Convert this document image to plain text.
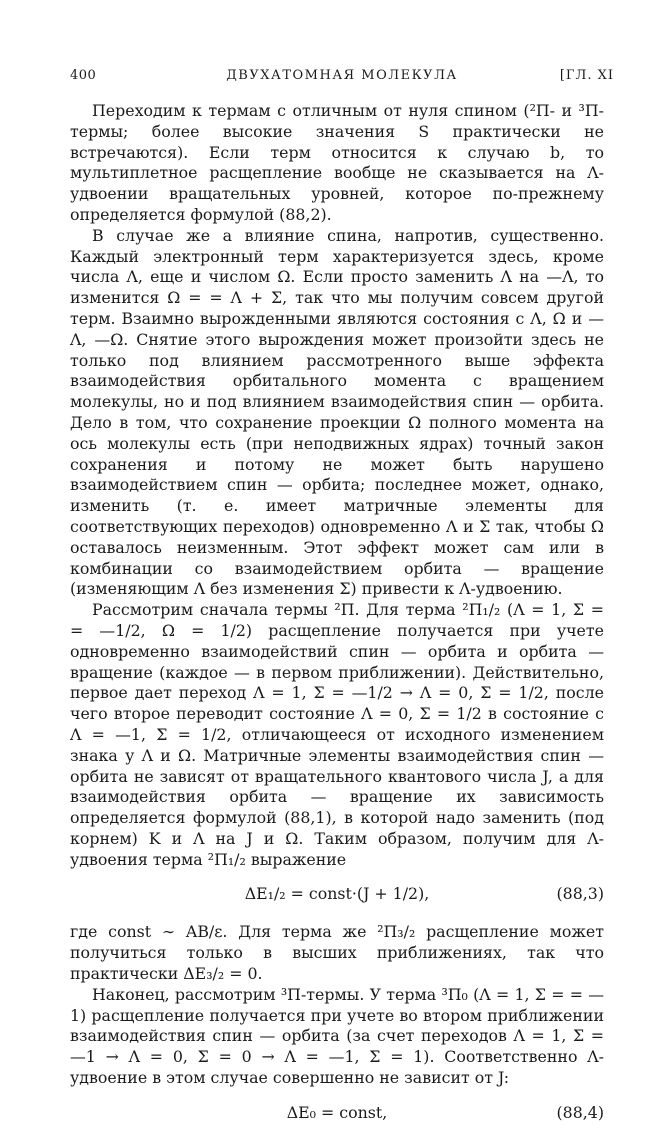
400	ДВУХАТОМНАЯ МОЛЕКУЛА	[ГЛ. XI

Переходим к термам с отличным от нуля спином (²П- и ³П-термы; более высокие значения S практически не встречаются). Если терм относится к случаю b, то мультиплетное расщепление вообще не сказывается на Λ-удвоении вращательных уровней, которое по-прежнему определяется формулой (88,2).

В случае же a влияние спина, напротив, существенно. Каждый электронный терм характеризуется здесь, кроме числа Λ, еще и числом Ω. Если просто заменить Λ на —Λ, то изменится Ω = = Λ + Σ, так что мы получим совсем другой терм. Взаимно вырожденными являются состояния с Λ, Ω и —Λ, —Ω. Снятие этого вырождения может произойти здесь не только под влиянием рассмотренного выше эффекта взаимодействия орбитального момента с вращением молекулы, но и под влиянием взаимодействия спин — орбита. Дело в том, что сохранение проекции Ω полного момента на ось молекулы есть (при неподвижных ядрах) точный закон сохранения и потому не может быть нарушено взаимодействием спин — орбита; последнее может, однако, изменить (т. е. имеет матричные элементы для соответствующих переходов) одновременно Λ и Σ так, чтобы Ω оставалось неизменным. Этот эффект может сам или в комбинации со взаимодействием орбита — вращение (изменяющим Λ без изменения Σ) привести к Λ-удвоению.

Рассмотрим сначала термы ²П. Для терма ²П₁/₂ (Λ = 1, Σ = = —1/2, Ω = 1/2) расщепление получается при учете одновременно взаимодействий спин — орбита и орбита — вращение (каждое — в первом приближении). Действительно, первое дает переход Λ = 1, Σ = —1/2 → Λ = 0, Σ = 1/2, после чего второе переводит состояние Λ = 0, Σ = 1/2 в состояние с Λ = —1, Σ = 1/2, отличающееся от исходного изменением знака у Λ и Ω. Матричные элементы взаимодействия спин — орбита не зависят от вращательного квантового числа J, а для взаимодействия орбита — вращение их зависимость определяется формулой (88,1), в которой надо заменить (под корнем) K и Λ на J и Ω. Таким образом, получим для Λ-удвоения терма ²П₁/₂ выражение

ΔE₁/₂ = const·(J + 1/2),	(88,3)

где const ∼ AB/ε. Для терма же ²П₃/₂ расщепление может получиться только в высших приближениях, так что практически ΔE₃/₂ = 0.

Наконец, рассмотрим ³П-термы. У терма ³П₀ (Λ = 1, Σ = = —1) расщепление получается при учете во втором приближении взаимодействия спин — орбита (за счет переходов Λ = 1, Σ = —1 → Λ = 0, Σ = 0 → Λ = —1, Σ = 1). Соответственно Λ-удвоение в этом случае совершенно не зависит от J:

ΔE₀ = const,	(88,4)
